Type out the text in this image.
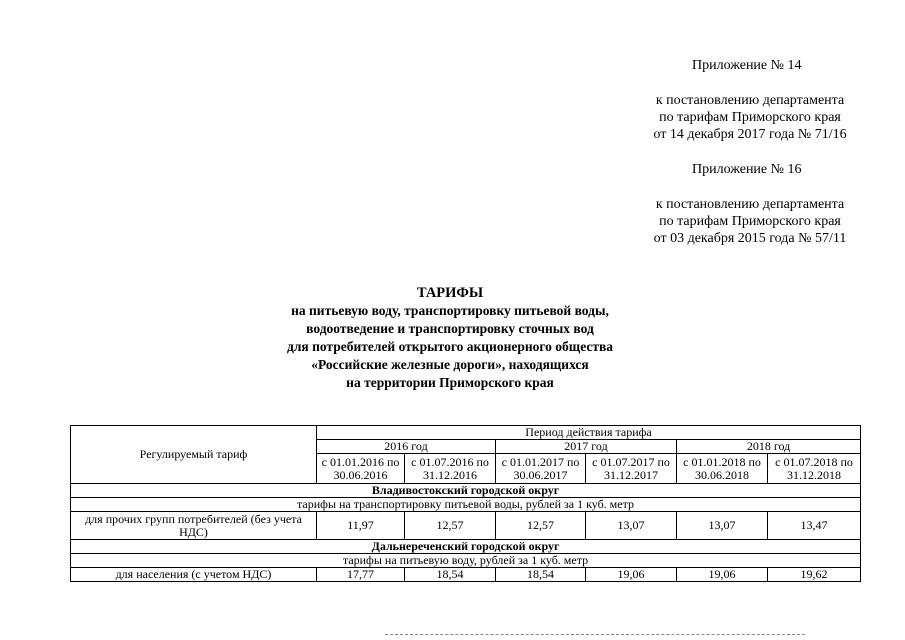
Приложение № 14
к постановлению департамента
по тарифам Приморского края
от 14 декабря 2017 года № 71/16
Приложение № 16
к постановлению департамента
по тарифам Приморского края
от 03 декабря 2015 года № 57/11
ТАРИФЫ
на питьевую воду, транспортировку питьевой воды,
водоотведение и транспортировку сточных вод
для потребителей открытого акционерного общества
«Российские железные дороги», находящихся
на территории Приморского края
Регулируемый тариф	Период действия тарифа					
	2016 год		2017 год		2018 год	
	с 01.01.2016 по 30.06.2016	с 01.07.2016 по 31.12.2016	с 01.01.2017 по 30.06.2017	с 01.07.2017 по 31.12.2017	с 01.01.2018 по 30.06.2018	с 01.07.2018 по 31.12.2018
Владивостокский городской округ						
тарифы на транспортировку питьевой воды, рублей за 1 куб. метр						
для прочих групп потребителей (без учета НДС)	11,97	12,57	12,57	13,07	13,07	13,47
Дальнереченский городской округ						
тарифы на питьевую воду, рублей за 1 куб. метр						
для населения (с учетом НДС)	17,77	18,54	18,54	19,06	19,06	19,62
